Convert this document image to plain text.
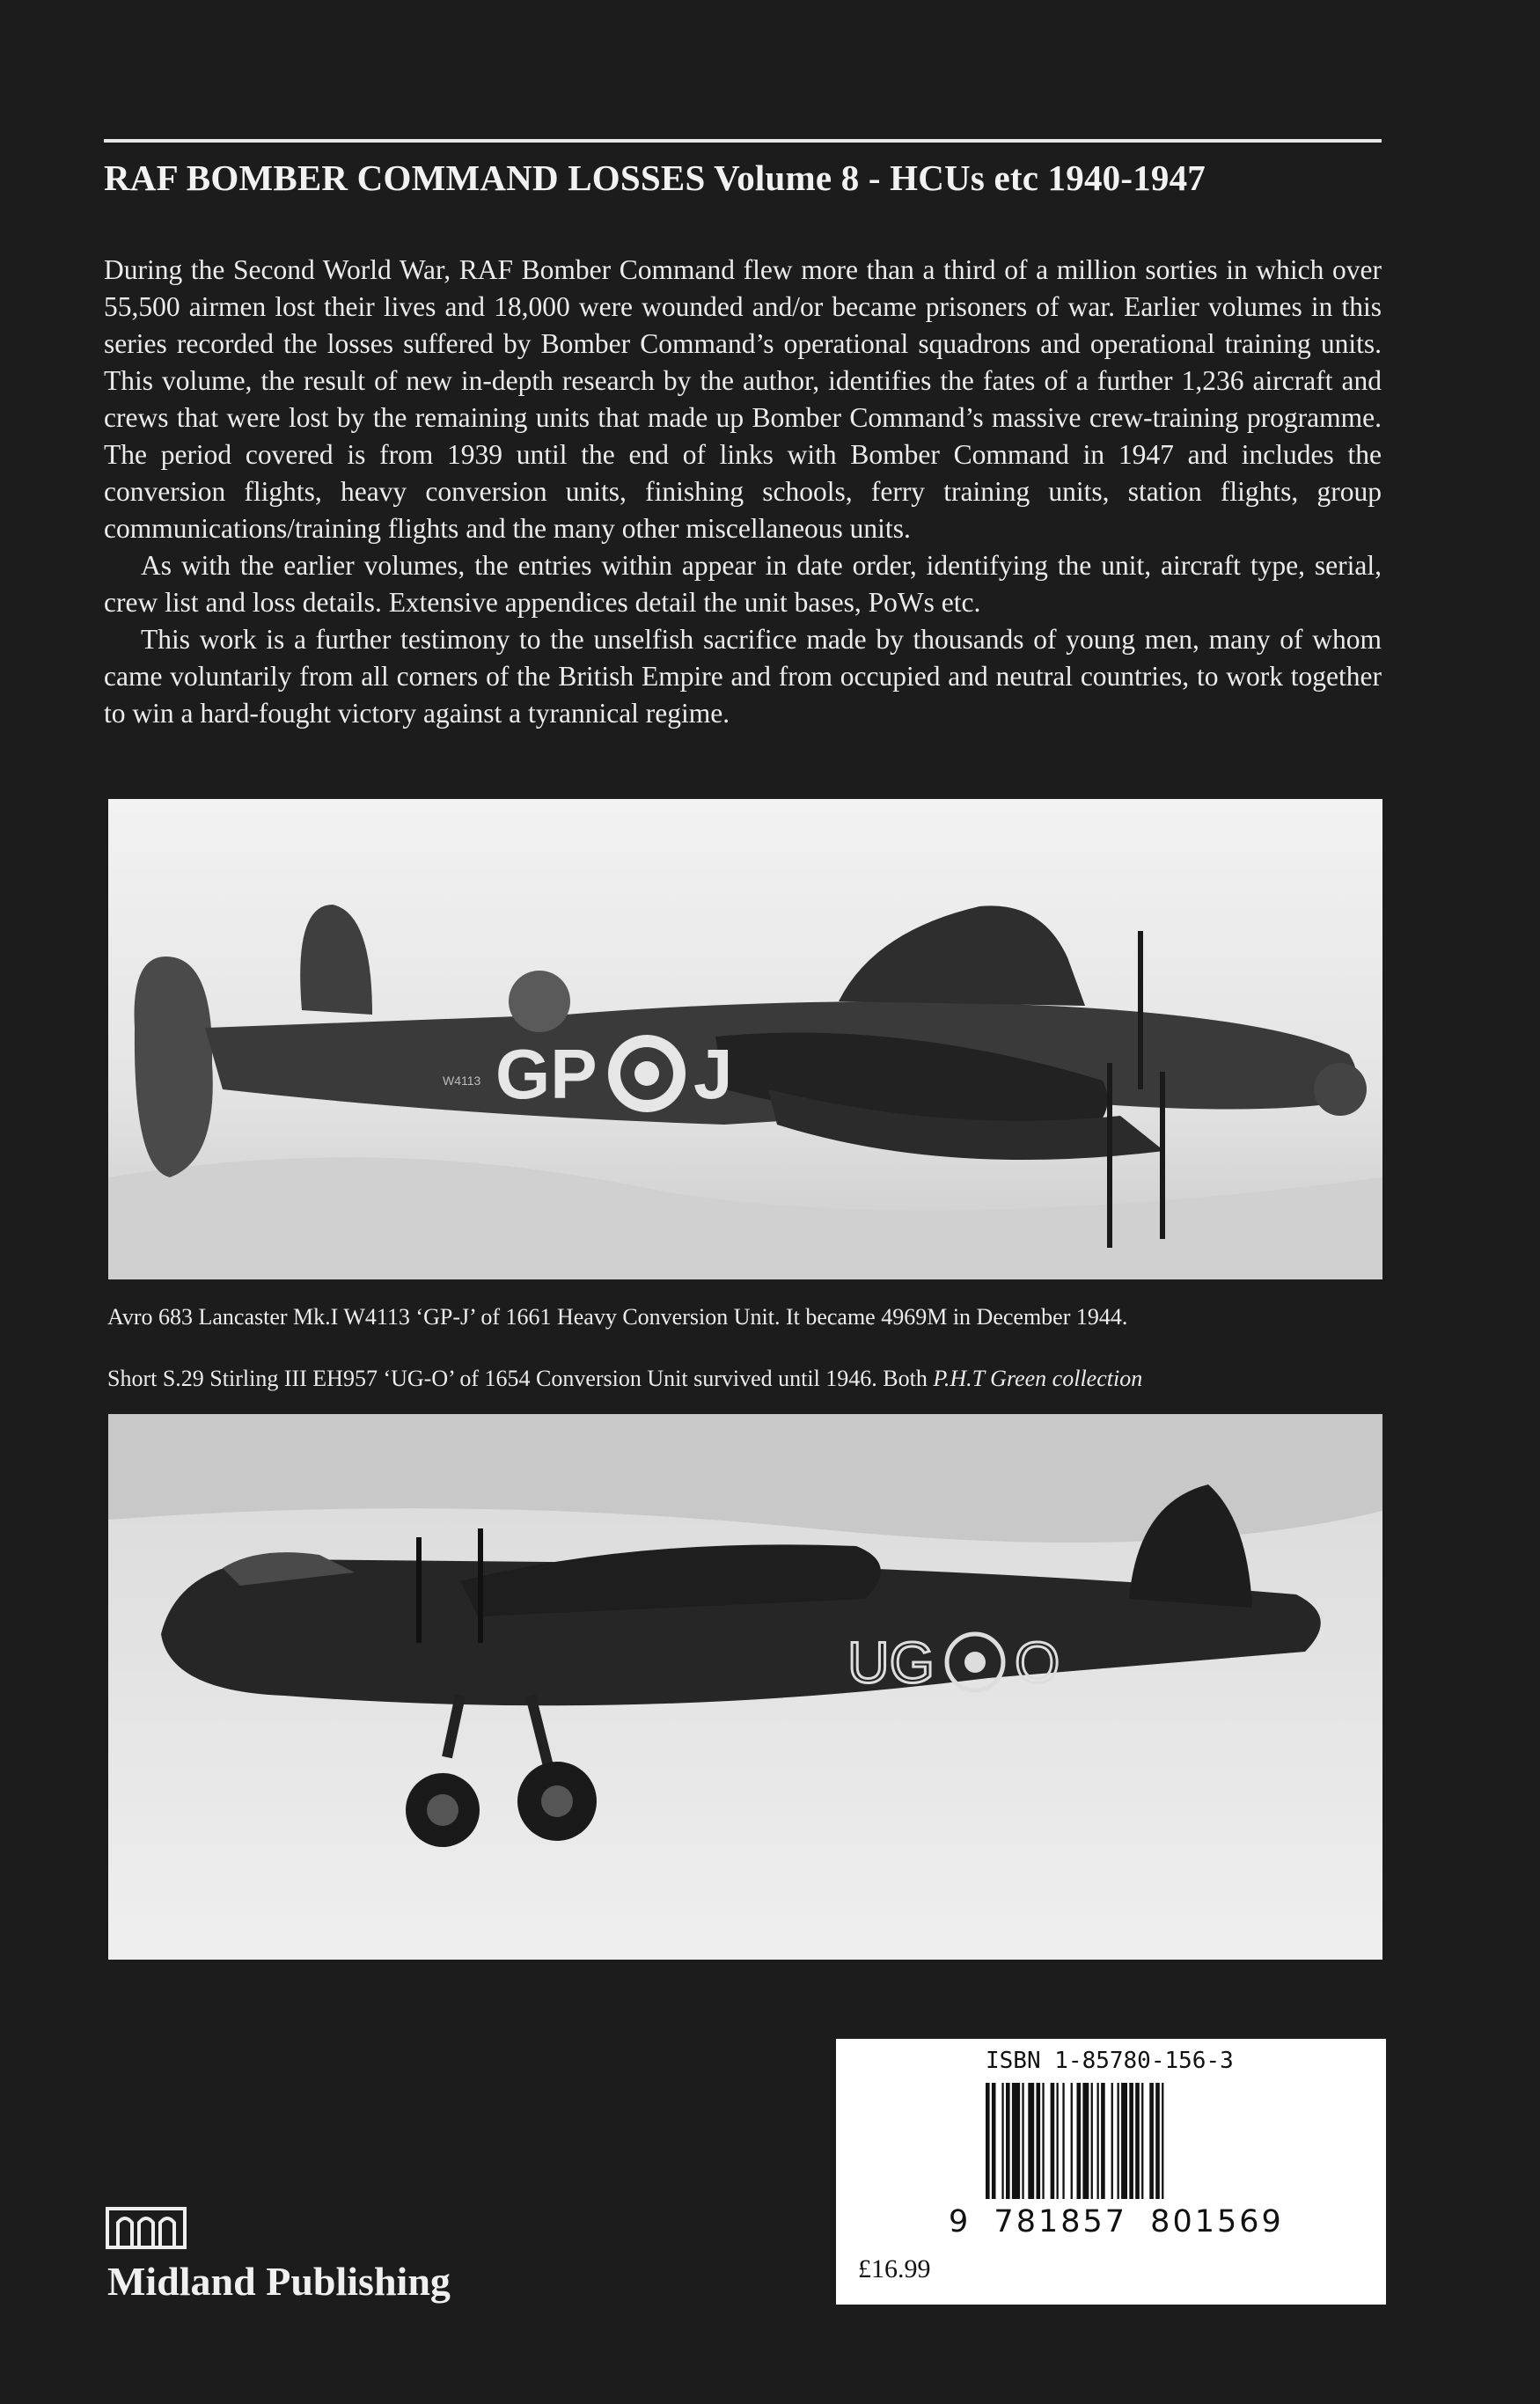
RAF BOMBER COMMAND LOSSES Volume 8 - HCUs etc 1940-1947

During the Second World War, RAF Bomber Command flew more than a third of a million sorties in which over 55,500 airmen lost their lives and 18,000 were wounded and/or became prisoners of war. Earlier volumes in this series recorded the losses suffered by Bomber Command’s operational squadrons and operational training units. This volume, the result of new in-depth research by the author, identifies the fates of a further 1,236 aircraft and crews that were lost by the remaining units that made up Bomber Command’s massive crew-training programme. The period covered is from 1939 until the end of links with Bomber Command in 1947 and includes the conversion flights, heavy conversion units, finishing schools, ferry training units, station flights, group communications/training flights and the many other miscellaneous units.

As with the earlier volumes, the entries within appear in date order, identifying the unit, aircraft type, serial, crew list and loss details. Extensive appendices detail the unit bases, PoWs etc.

This work is a further testimony to the unselfish sacrifice made by thousands of young men, many of whom came voluntarily from all corners of the British Empire and from occupied and neutral countries, to work together to win a hard-fought victory against a tyrannical regime.

GP J
W4113
Avro 683 Lancaster Mk.I W4113 ‘GP-J’ of 1661 Heavy Conversion Unit. It became 4969M in December 1944.
Short S.29 Stirling III EH957 ‘UG-O’ of 1654 Conversion Unit survived until 1946. Both P.H.T Green collection
UG O
ISBN 1-85780-156-3
9 781857 801569
£16.99
Midland Publishing
